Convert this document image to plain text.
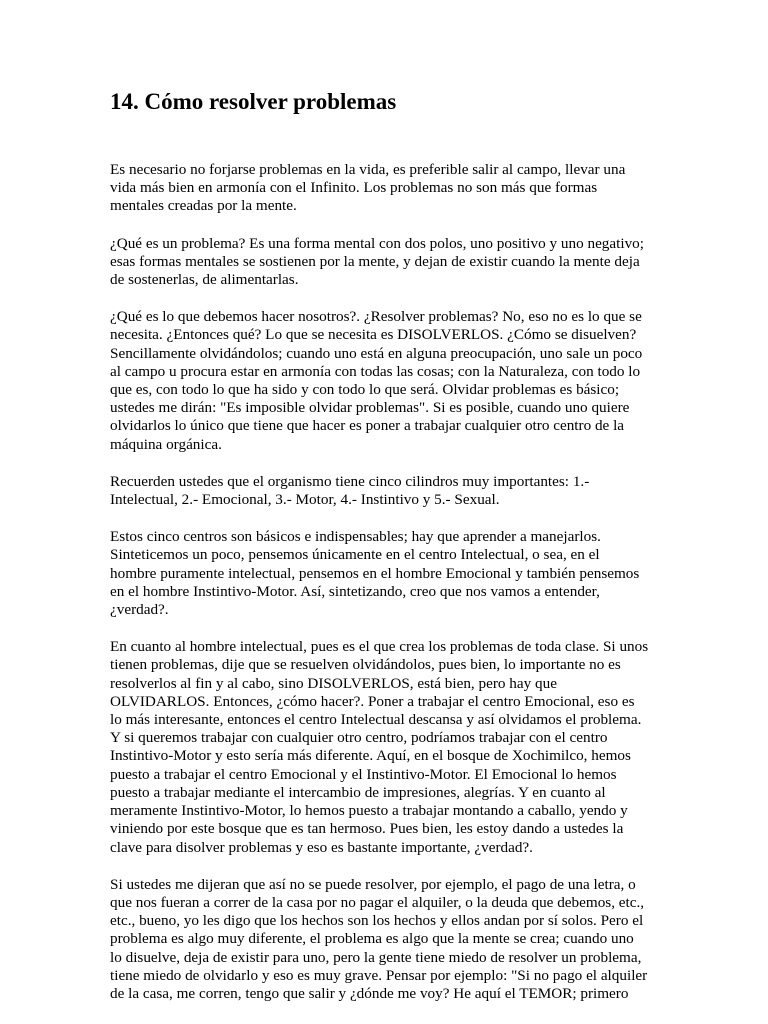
14. Cómo resolver problemas

Es necesario no forjarse problemas en la vida, es preferible salir al campo, llevar una
vida más bien en armonía con el Infinito. Los problemas no son más que formas
mentales creadas por la mente.

¿Qué es un problema? Es una forma mental con dos polos, uno positivo y uno negativo;
esas formas mentales se sostienen por la mente, y dejan de existir cuando la mente deja
de sostenerlas, de alimentarlas.

¿Qué es lo que debemos hacer nosotros?. ¿Resolver problemas? No, eso no es lo que se
necesita. ¿Entonces qué? Lo que se necesita es DISOLVERLOS. ¿Cómo se disuelven?
Sencillamente olvidándolos; cuando uno está en alguna preocupación, uno sale un poco
al campo u procura estar en armonía con todas las cosas; con la Naturaleza, con todo lo
que es, con todo lo que ha sido y con todo lo que será. Olvidar problemas es básico;
ustedes me dirán: "Es imposible olvidar problemas". Si es posible, cuando uno quiere
olvidarlos lo único que tiene que hacer es poner a trabajar cualquier otro centro de la
máquina orgánica.

Recuerden ustedes que el organismo tiene cinco cilindros muy importantes: 1.-
Intelectual, 2.- Emocional, 3.- Motor, 4.- Instintivo y 5.- Sexual.

Estos cinco centros son básicos e indispensables; hay que aprender a manejarlos.
Sinteticemos un poco, pensemos únicamente en el centro Intelectual, o sea, en el
hombre puramente intelectual, pensemos en el hombre Emocional y también pensemos
en el hombre Instintivo-Motor. Así, sintetizando, creo que nos vamos a entender,
¿verdad?.

En cuanto al hombre intelectual, pues es el que crea los problemas de toda clase. Si unos
tienen problemas, dije que se resuelven olvidándolos, pues bien, lo importante no es
resolverlos al fin y al cabo, sino DISOLVERLOS, está bien, pero hay que
OLVIDARLOS. Entonces, ¿cómo hacer?. Poner a trabajar el centro Emocional, eso es
lo más interesante, entonces el centro Intelectual descansa y así olvidamos el problema.
Y si queremos trabajar con cualquier otro centro, podríamos trabajar con el centro
Instintivo-Motor y esto sería más diferente. Aquí, en el bosque de Xochimilco, hemos
puesto a trabajar el centro Emocional y el Instintivo-Motor. El Emocional lo hemos
puesto a trabajar mediante el intercambio de impresiones, alegrías. Y en cuanto al
meramente Instintivo-Motor, lo hemos puesto a trabajar montando a caballo, yendo y
viniendo por este bosque que es tan hermoso. Pues bien, les estoy dando a ustedes la
clave para disolver problemas y eso es bastante importante, ¿verdad?.

Si ustedes me dijeran que así no se puede resolver, por ejemplo, el pago de una letra, o
que nos fueran a correr de la casa por no pagar el alquiler, o la deuda que debemos, etc.,
etc., bueno, yo les digo que los hechos son los hechos y ellos andan por sí solos. Pero el
problema es algo muy diferente, el problema es algo que la mente se crea; cuando uno
lo disuelve, deja de existir para uno, pero la gente tiene miedo de resolver un problema,
tiene miedo de olvidarlo y eso es muy grave. Pensar por ejemplo: "Si no pago el alquiler
de la casa, me corren, tengo que salir y ¿dónde me voy? He aquí el TEMOR; primero
